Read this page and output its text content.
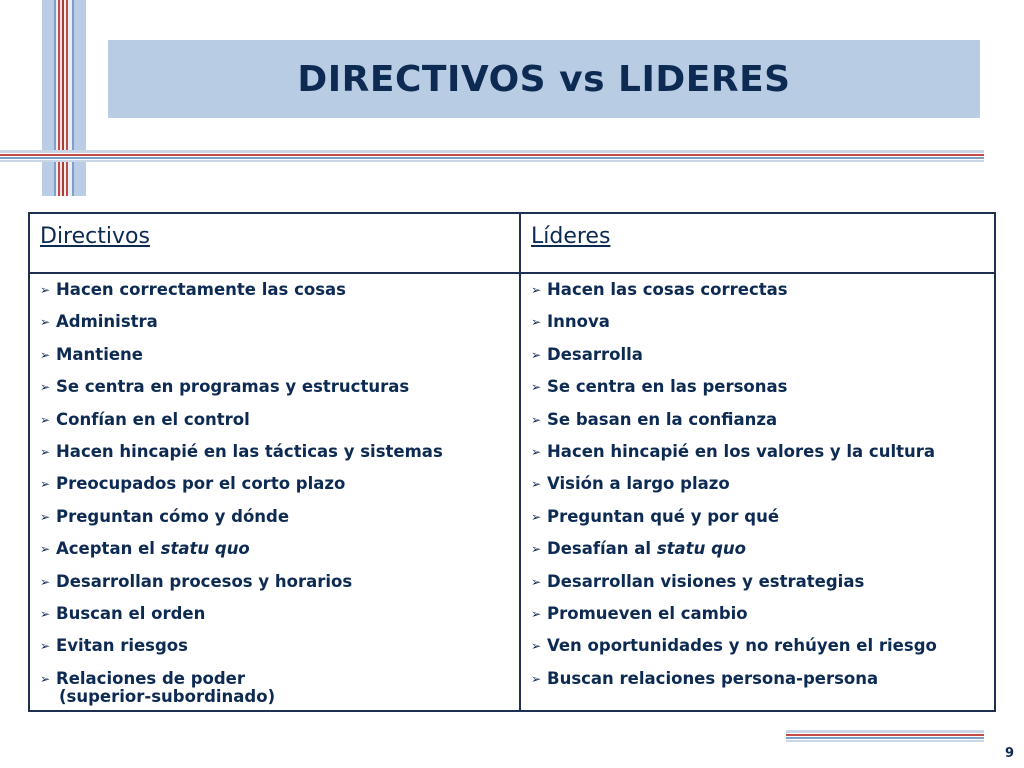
DIRECTIVOS vs LIDERES
Directivos	Líderes
➢ Hacen correctamente las cosas
➢ Administra
➢ Mantiene
➢ Se centra en programas y estructuras
➢ Confían en el control
➢ Hacen hincapié en las tácticas y sistemas
➢ Preocupados por el corto plazo
➢ Preguntan cómo y dónde
➢ Aceptan el statu quo
➢ Desarrollan procesos y horarios
➢ Buscan el orden
➢ Evitan riesgos
➢ Relaciones de poder
(superior-subordinado)
➢ Hacen las cosas correctas
➢ Innova
➢ Desarrolla
➢ Se centra en las personas
➢ Se basan en la confianza
➢ Hacen hincapié en los valores y la cultura
➢ Visión a largo plazo
➢ Preguntan qué y por qué
➢ Desafían al statu quo
➢ Desarrollan visiones y estrategias
➢ Promueven el cambio
➢ Ven oportunidades y no rehúyen el riesgo
➢ Buscan relaciones persona-persona
9
